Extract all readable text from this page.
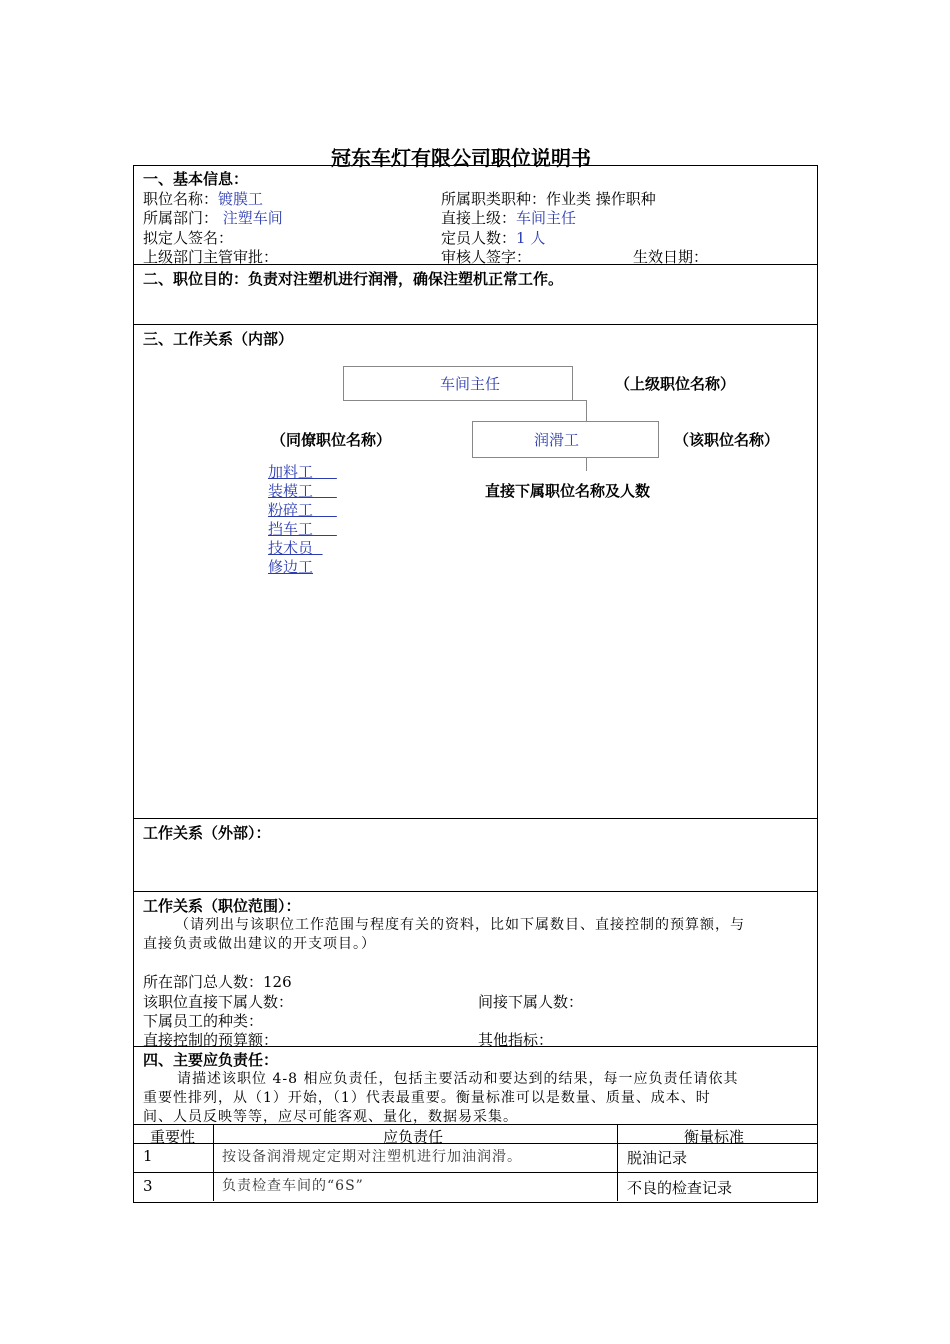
冠东车灯有限公司职位说明书
一、基本信息：
职位名称：镀膜工	所属职类职种：作业类 操作职种
所属部门： 注塑车间	直接上级：车间主任
拟定人签名：	定员人数：1 人
上级部门主管审批：	审核人签字：	生效日期：
二、职位目的：负责对注塑机进行润滑，确保注塑机正常工作。
三、工作关系（内部）
车间主任	（上级职位名称）
润滑工
（同僚职位名称）	（该职位名称）
直接下属职位名称及人数
加料工
装模工
粉碎工
挡车工
技术员
修边工
工作关系（外部）：
工作关系（职位范围）：
（请列出与该职位工作范围与程度有关的资料，比如下属数目、直接控制的预算额，与
直接负责或做出建议的开支项目。）
所在部门总人数：126
该职位直接下属人数：	间接下属人数：
下属员工的种类：
直接控制的预算额：	其他指标：
四、主要应负责任：
请描述该职位 4-8 相应负责任，包括主要活动和要达到的结果，每一应负责任请依其
重要性排列，从（1）开始，（1）代表最重要。衡量标准可以是数量、质量、成本、时
间、人员反映等等，应尽可能客观、量化，数据易采集。
重要性	应负责任	衡量标准
1	按设备润滑规定定期对注塑机进行加油润滑。	脱油记录
3	负责检查车间的“6S”	不良的检查记录
